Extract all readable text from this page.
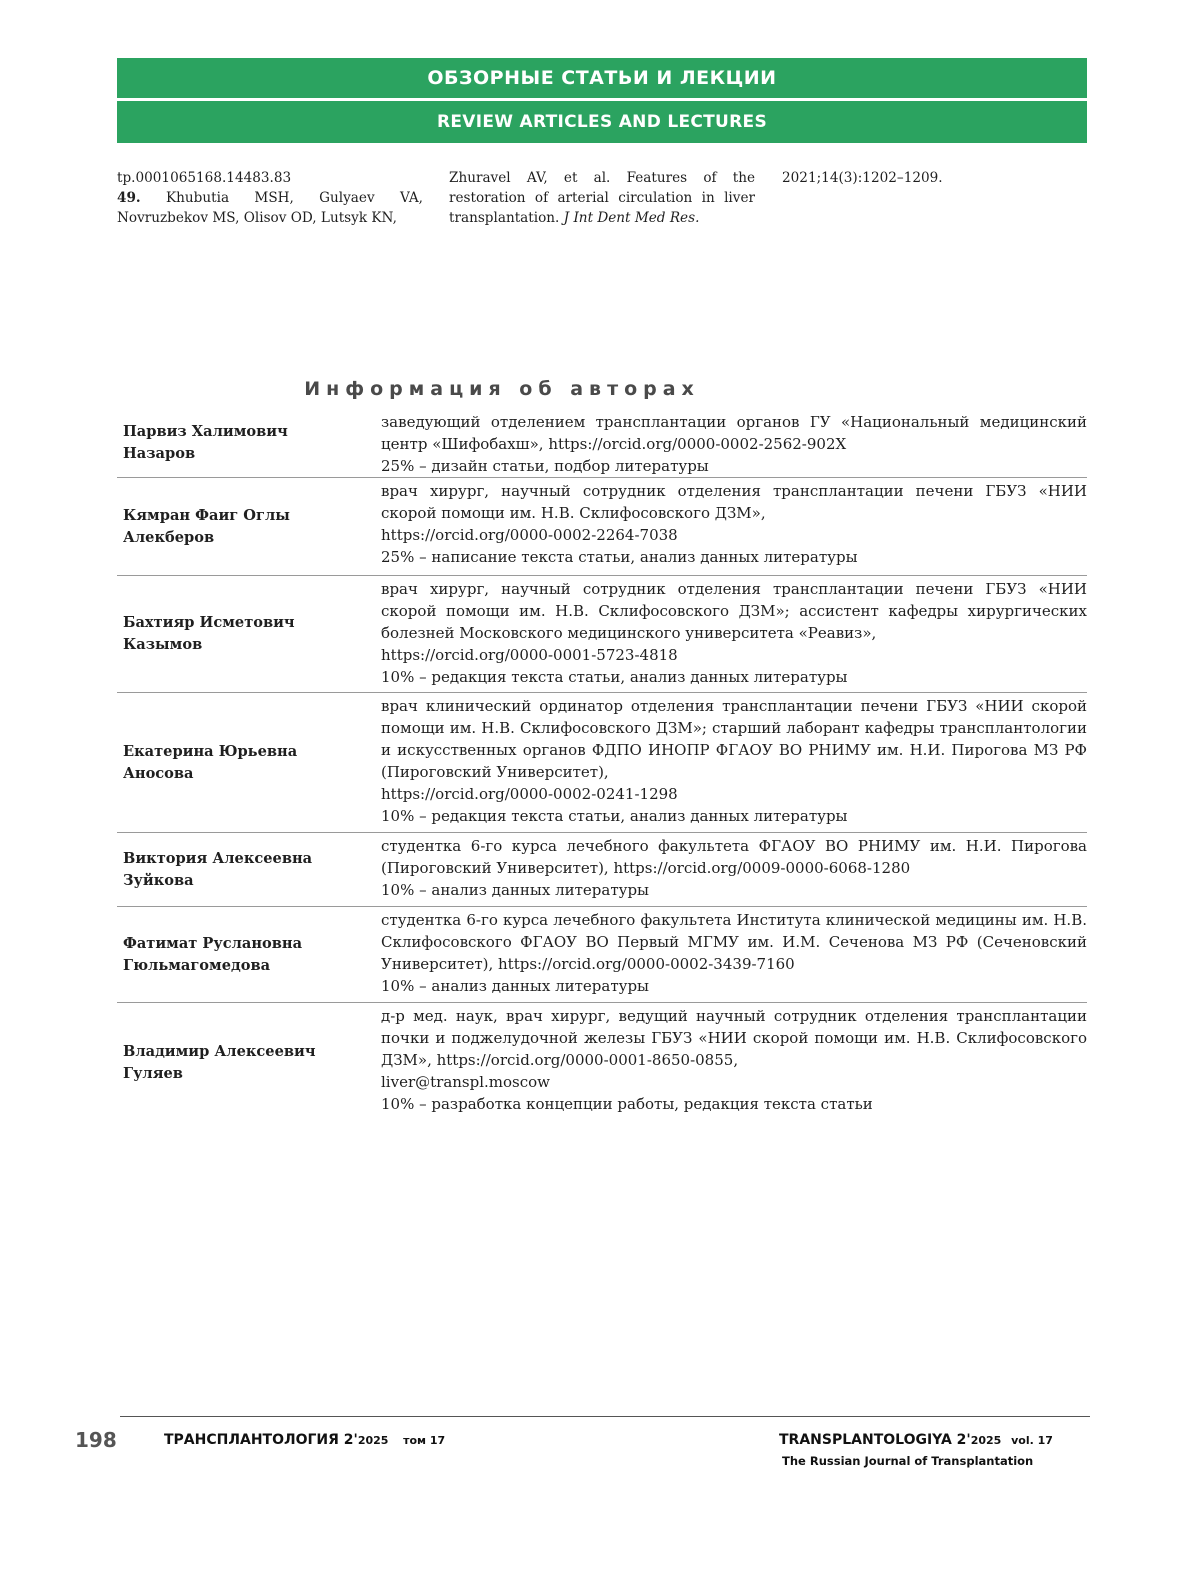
ОБЗОРНЫЕ СТАТЬИ И ЛЕКЦИИ
REVIEW ARTICLES AND LECTURES
tp.0001065168.14483.83
49. Khubutia MSH, Gulyaev VA, Novruzbekov MS, Olisov OD, Lutsyk KN,
Zhuravel AV, et al. Features of the restoration of arterial circulation in liver transplantation. J Int Dent Med Res.
2021;14(3):1202–1209.
Информация об авторах
Парвиз Халимович
Назаров
заведующий отделением трансплантации органов ГУ «Национальный медицинский центр «Шифобахш», https://orcid.org/0000-0002-2562-902X
25% – дизайн статьи, подбор литературы
Кямран Фаиг Оглы
Алекберов
врач хирург, научный сотрудник отделения трансплантации печени ГБУЗ «НИИ скорой помощи им. Н.В. Склифосовского ДЗМ»,
https://orcid.org/0000-0002-2264-7038
25% – написание текста статьи, анализ данных литературы
Бахтияр Исметович
Казымов
врач хирург, научный сотрудник отделения трансплантации печени ГБУЗ «НИИ скорой помощи им. Н.В. Склифосовского ДЗМ»; ассистент кафедры хирургических болезней Московского медицинского университета «Реавиз»,
https://orcid.org/0000-0001-5723-4818
10% – редакция текста статьи, анализ данных литературы
Екатерина Юрьевна
Аносова
врач клинический ординатор отделения трансплантации печени ГБУЗ «НИИ скорой помощи им. Н.В. Склифосовского ДЗМ»; старший лаборант кафедры трансплантологии и искусственных органов ФДПО ИНОПР ФГАОУ ВО РНИМУ им. Н.И. Пирогова МЗ РФ (Пироговский Университет),
https://orcid.org/0000-0002-0241-1298
10% – редакция текста статьи, анализ данных литературы
Виктория Алексеевна
Зуйкова
студентка 6-го курса лечебного факультета ФГАОУ ВО РНИМУ им. Н.И. Пирогова (Пироговский Университет), https://orcid.org/0009-0000-6068-1280
10% – анализ данных литературы
Фатимат Руслановна
Гюльмагомедова
студентка 6-го курса лечебного факультета Института клинической медицины им. Н.В. Склифосовского ФГАОУ ВО Первый МГМУ им. И.М. Сеченова МЗ РФ (Сеченовский Университет), https://orcid.org/0000-0002-3439-7160
10% – анализ данных литературы
Владимир Алексеевич
Гуляев
д-р мед. наук, врач хирург, ведущий научный сотрудник отделения трансплантации почки и поджелудочной железы ГБУЗ «НИИ скорой помощи им. Н.В. Склифосовского ДЗМ», https://orcid.org/0000-0001-8650-0855,
liver@transpl.moscow
10% – разработка концепции работы, редакция текста статьи
198	ТРАНСПЛАНТОЛОГИЯ 2'2025 том 17	TRANSPLANTOLOGIYA 2'2025 vol. 17
The Russian Journal of Transplantation
